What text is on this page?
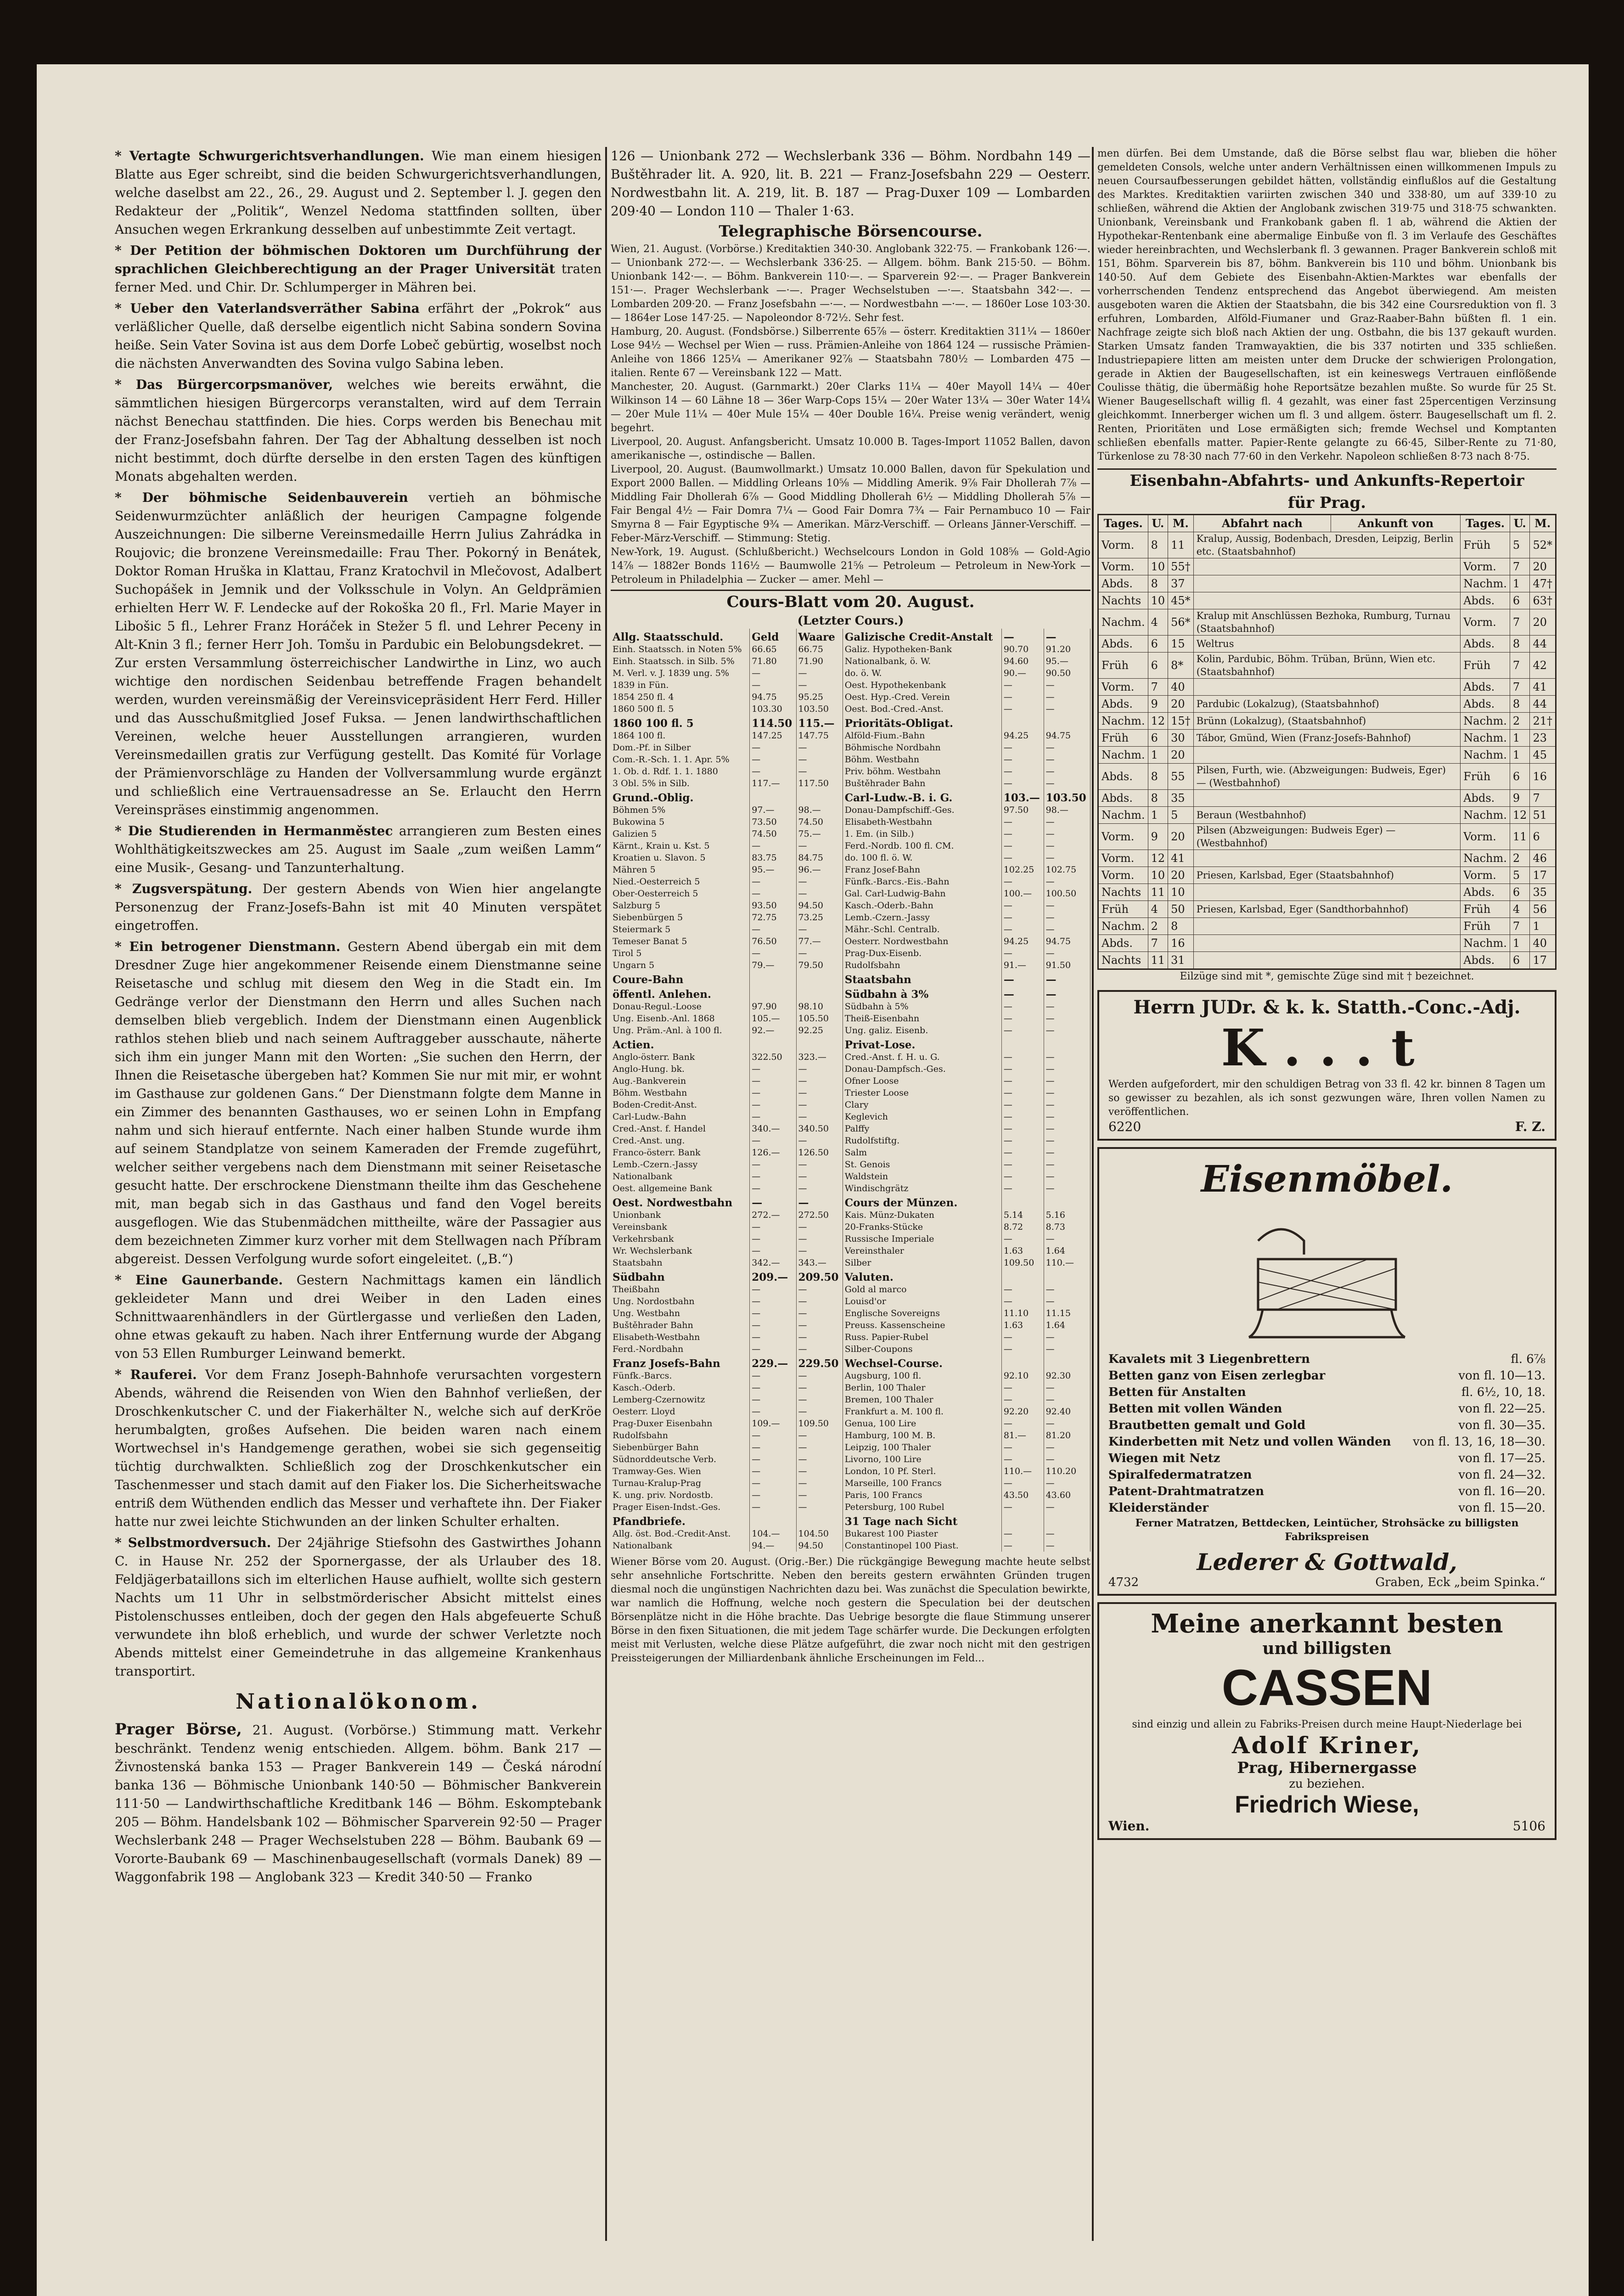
* Vertagte Schwurgerichtsverhandlungen. Wie man einem hiesigen Blatte aus Eger schreibt, sind die beiden Schwurgerichtsverhandlungen, welche daselbst am 22., 26., 29. August und 2. September l. J. gegen den Redakteur der „Politik“, Wenzel Nedoma stattfinden sollten, über Ansuchen wegen Erkrankung desselben auf unbestimmte Zeit vertagt.

* Der Petition der böhmischen Doktoren um Durchführung der sprachlichen Gleichberechtigung an der Prager Universität traten ferner Med. und Chir. Dr. Schlumperger in Mähren bei.

* Ueber den Vaterlandsverräther Sabina erfährt der „Pokrok“ aus verläßlicher Quelle, daß derselbe eigentlich nicht Sabina sondern Sovina heiße. Sein Vater Sovina ist aus dem Dorfe Lobeč gebürtig, woselbst noch die nächsten Anverwandten des Sovina vulgo Sabina leben.

* Das Bürgercorpsmanöver, welches wie bereits erwähnt, die sämmtlichen hiesigen Bürgercorps veranstalten, wird auf dem Terrain nächst Benechau stattfinden. Die hies. Corps werden bis Benechau mit der Franz-Josefsbahn fahren. Der Tag der Abhaltung desselben ist noch nicht bestimmt, doch dürfte derselbe in den ersten Tagen des künftigen Monats abgehalten werden.

* Der böhmische Seidenbauverein vertieh an böhmische Seidenwurmzüchter anläßlich der heurigen Campagne folgende Auszeichnungen: Die silberne Vereinsmedaille Herrn Julius Zahrádka in Roujovic; die bronzene Vereinsmedaille: Frau Ther. Pokorný in Benátek, Doktor Roman Hruška in Klattau, Franz Kratochvil in Mlečovost, Adalbert Suchopášek in Jemnik und der Volksschule in Volyn. An Geldprämien erhielten Herr W. F. Lendecke auf der Rokoška 20 fl., Frl. Marie Mayer in Libošic 5 fl., Lehrer Franz Horáček in Stežer 5 fl. und Lehrer Peceny in Alt-Knin 3 fl.; ferner Herr Joh. Tomšu in Pardubic ein Belobungsdekret. — Zur ersten Versammlung österreichischer Landwirthe in Linz, wo auch wichtige den nordischen Seidenbau betreffende Fragen behandelt werden, wurden vereinsmäßig der Vereinsvicepräsident Herr Ferd. Hiller und das Ausschußmitglied Josef Fuksa. — Jenen landwirthschaftlichen Vereinen, welche heuer Ausstellungen arrangieren, wurden Vereinsmedaillen gratis zur Verfügung gestellt. Das Komité für Vorlage der Prämienvorschläge zu Handen der Vollversammlung wurde ergänzt und schließlich eine Vertrauensadresse an Se. Erlaucht den Herrn Vereinspräses einstimmig angenommen.

* Die Studierenden in Hermanměstec arrangieren zum Besten eines Wohlthätigkeitszweckes am 25. August im Saale „zum weißen Lamm“ eine Musik-, Gesang- und Tanzunterhaltung.

* Zugsverspätung. Der gestern Abends von Wien hier angelangte Personenzug der Franz-Josefs-Bahn ist mit 40 Minuten verspätet eingetroffen.

* Ein betrogener Dienstmann. Gestern Abend übergab ein mit dem Dresdner Zuge hier angekommener Reisende einem Dienstmanne seine Reisetasche und schlug mit diesem den Weg in die Stadt ein. Im Gedränge verlor der Dienstmann den Herrn und alles Suchen nach demselben blieb vergeblich. Indem der Dienstmann einen Augenblick rathlos stehen blieb und nach seinem Auftraggeber ausschaute, näherte sich ihm ein junger Mann mit den Worten: „Sie suchen den Herrn, der Ihnen die Reisetasche übergeben hat? Kommen Sie nur mit mir, er wohnt im Gasthause zur goldenen Gans.“ Der Dienstmann folgte dem Manne in ein Zimmer des benannten Gasthauses, wo er seinen Lohn in Empfang nahm und sich hierauf entfernte. Nach einer halben Stunde wurde ihm auf seinem Standplatze von seinem Kameraden der Fremde zugeführt, welcher seither vergebens nach dem Dienstmann mit seiner Reisetasche gesucht hatte. Der erschrockene Dienstmann theilte ihm das Geschehene mit, man begab sich in das Gasthaus und fand den Vogel bereits ausgeflogen. Wie das Stubenmädchen mittheilte, wäre der Passagier aus dem bezeichneten Zimmer kurz vorher mit dem Stellwagen nach Příbram abgereist. Dessen Verfolgung wurde sofort eingeleitet. („B.“)

* Eine Gaunerbande. Gestern Nachmittags kamen ein ländlich gekleideter Mann und drei Weiber in den Laden eines Schnittwaarenhändlers in der Gürtlergasse und verließen den Laden, ohne etwas gekauft zu haben. Nach ihrer Entfernung wurde der Abgang von 53 Ellen Rumburger Leinwand bemerkt.

* Rauferei. Vor dem Franz Joseph-Bahnhofe verursachten vorgestern Abends, während die Reisenden von Wien den Bahnhof verließen, der Droschkenkutscher C. und der Fiakerhälter N., welche sich auf derKröe herumbalgten, großes Aufsehen. Die beiden waren nach einem Wortwechsel in's Handgemenge gerathen, wobei sie sich gegenseitig tüchtig durchwalkten. Schließlich zog der Droschkenkutscher ein Taschenmesser und stach damit auf den Fiaker los. Die Sicherheitswache entriß dem Wüthenden endlich das Messer und verhaftete ihn. Der Fiaker hatte nur zwei leichte Stichwunden an der linken Schulter erhalten.

* Selbstmordversuch. Der 24jährige Stiefsohn des Gastwirthes Johann C. in Hause Nr. 252 der Spornergasse, der als Urlauber des 18. Feldjägerbataillons sich im elterlichen Hause aufhielt, wollte sich gestern Nachts um 11 Uhr in selbstmörderischer Absicht mittelst eines Pistolenschusses entleiben, doch der gegen den Hals abgefeuerte Schuß verwundete ihn bloß erheblich, und wurde der schwer Verletzte noch Abends mittelst einer Gemeindetruhe in das allgemeine Krankenhaus transportirt.

Nationalökonom.

Prager Börse, 21. August. (Vorbörse.) Stimmung matt. Verkehr beschränkt. Tendenz wenig entschieden. Allgem. böhm. Bank 217 — Živnostenská banka 153 — Prager Bankverein 149 — Česká národní banka 136 — Böhmische Unionbank 140·50 — Böhmischer Bankverein 111·50 — Landwirthschaftliche Kreditbank 146 — Böhm. Eskomptebank 205 — Böhm. Handelsbank 102 — Böhmischer Sparverein 92·50 — Prager Wechslerbank 248 — Prager Wechselstuben 228 — Böhm. Baubank 69 — Vororte-Baubank 69 — Maschinenbaugesellschaft (vormals Danek) 89 — Waggonfabrik 198 — Anglobank 323 — Kredit 340·50 — Franko

126 — Unionbank 272 — Wechslerbank 336 — Böhm. Nordbahn 149 — Buštěhrader lit. A. 920, lit. B. 221 — Franz-Josefsbahn 229 — Oesterr. Nordwestbahn lit. A. 219, lit. B. 187 — Prag-Duxer 109 — Lombarden 209·40 — London 110 — Thaler 1·63.

Telegraphische Börsencourse.

Wien, 21. August. (Vorbörse.) Kreditaktien 340·30. Anglobank 322·75. — Frankobank 126·—. — Unionbank 272·—. — Wechslerbank 336·25. — Allgem. böhm. Bank 215·50. — Böhm. Unionbank 142·—. — Böhm. Bankverein 110·—. — Sparverein 92·—. — Prager Bankverein 151·—. Prager Wechslerbank —·—. Prager Wechselstuben —·—. Staatsbahn 342·—. — Lombarden 209·20. — Franz Josefsbahn —·—. — Nordwestbahn —·—. — 1860er Lose 103·30. — 1864er Lose 147·25. — Napoleondor 8·72½. Sehr fest.

Hamburg, 20. August. (Fondsbörse.) Silberrente 65⅞ — österr. Kreditaktien 311¼ — 1860er Lose 94½ — Wechsel per Wien — russ. Prämien-Anleihe von 1864 124 — russische Prämien-Anleihe von 1866 125¼ — Amerikaner 92⅞ — Staatsbahn 780½ — Lombarden 475 — italien. Rente 67 — Vereinsbank 122 — Matt.

Manchester, 20. August. (Garnmarkt.) 20er Clarks 11¼ — 40er Mayoll 14¼ — 40er Wilkinson 14 — 60 Lähne 18 — 36er Warp-Cops 15¼ — 20er Water 13¼ — 30er Water 14¼ — 20er Mule 11¼ — 40er Mule 15¼ — 40er Double 16¼. Preise wenig verändert, wenig begehrt.

Liverpool, 20. August. Anfangsbericht. Umsatz 10.000 B. Tages-Import 11052 Ballen, davon amerikanische —, ostindische — Ballen.

Liverpool, 20. August. (Baumwollmarkt.) Umsatz 10.000 Ballen, davon für Spekulation und Export 2000 Ballen. — Middling Orleans 10⅝ — Middling Amerik. 9⅞ Fair Dhollerah 7⅞ — Middling Fair Dhollerah 6⅞ — Good Middling Dhollerah 6½ — Middling Dhollerah 5⅞ — Fair Bengal 4½ — Fair Domra 7¼ — Good Fair Domra 7¾ — Fair Pernambuco 10 — Fair Smyrna 8 — Fair Egyptische 9¾ — Amerikan. März-Verschiff. — Orleans Jänner-Verschiff. — Feber-März-Verschiff. — Stimmung: Stetig.

New-York, 19. August. (Schlußbericht.) Wechselcours London in Gold 108⅝ — Gold-Agio 14⅞ — 1882er Bonds 116½ — Baumwolle 21⅝ — Petroleum — Petroleum in New-York — Petroleum in Philadelphia — Zucker — amer. Mehl —

Cours-Blatt vom 20. August.
(Letzter Cours.)
Allg. Staatsschuld.	Geld	Waare	Galizische Credit-Anstalt	—	—
Einh. Staatssch. in Noten 5%	66.65	66.75	Galiz. Hypotheken-Bank	90.70	91.20
Einh. Staatssch. in Silb. 5%	71.80	71.90	Nationalbank, ö. W.	94.60	95.—
M. Verl. v. J. 1839 ung. 5%	—	—	do. ö. W.	90.—	90.50
1839 in Fün.	—	—	Oest. Hypothekenbank	—	—
1854 250 fl. 4	94.75	95.25	Oest. Hyp.-Cred. Verein	—	—
1860 500 fl. 5	103.30	103.50	Oest. Bod.-Cred.-Anst.	—	—
1860 100 fl. 5	114.50	115.—	Prioritäts-Obligat.		
1864 100 fl.	147.25	147.75	Alföld-Fium.-Bahn	94.25	94.75
Dom.-Pf. in Silber	—	—	Böhmische Nordbahn	—	—
Com.-R.-Sch. 1. 1. Apr. 5%	—	—	Böhm. Westbahn	—	—
1. Ob. d. Rdf. 1. 1. 1880	—	—	Priv. böhm. Westbahn	—	—
3 Obl. 5% in Silb.	117.—	117.50	Buštěhrader Bahn	—	—
Grund.-Oblig.			Carl-Ludw.-B. i. G.	103.—	103.50
Böhmen 5%	97.—	98.—	Donau-Dampfschiff.-Ges.	97.50	98.—
Bukowina 5	73.50	74.50	Elisabeth-Westbahn	—	—
Galizien 5	74.50	75.—	1. Em. (in Silb.)	—	—
Kärnt., Krain u. Kst. 5	—	—	Ferd.-Nordb. 100 fl. CM.	—	—
Kroatien u. Slavon. 5	83.75	84.75	do. 100 fl. ö. W.	—	—
Mähren 5	95.—	96.—	Franz Josef-Bahn	102.25	102.75
Nied.-Oesterreich 5	—	—	Fünfk.-Barcs.-Eis.-Bahn	—	—
Ober-Oesterreich 5	—	—	Gal. Carl-Ludwig-Bahn	100.—	100.50
Salzburg 5	93.50	94.50	Kasch.-Oderb.-Bahn	—	—
Siebenbürgen 5	72.75	73.25	Lemb.-Czern.-Jassy	—	—
Steiermark 5	—	—	Mähr.-Schl. Centralb.	—	—
Temeser Banat 5	76.50	77.—	Oesterr. Nordwestbahn	94.25	94.75
Tirol 5	—	—	Prag-Dux-Eisenb.	—	—
Ungarn 5	79.—	79.50	Rudolfsbahn	91.—	91.50
Coure-Bahn			Staatsbahn	—	—
öffentl. Anlehen.			Südbahn à 3%	—	—
Donau-Regul.-Loose	97.90	98.10	Südbahn à 5%	—	—
Ung. Eisenb.-Anl. 1868	105.—	105.50	Theiß-Eisenbahn	—	—
Ung. Präm.-Anl. à 100 fl.	92.—	92.25	Ung. galiz. Eisenb.	—	—
Actien.			Privat-Lose.		
Anglo-österr. Bank	322.50	323.—	Cred.-Anst. f. H. u. G.	—	—
Anglo-Hung. bk.	—	—	Donau-Dampfsch.-Ges.	—	—
Aug.-Bankverein	—	—	Ofner Loose	—	—
Böhm. Westbahn	—	—	Triester Loose	—	—
Boden-Credit-Anst.	—	—	Clary	—	—
Carl-Ludw.-Bahn	—	—	Keglevich	—	—
Cred.-Anst. f. Handel	340.—	340.50	Palffy	—	—
Cred.-Anst. ung.	—	—	Rudolfstiftg.	—	—
Franco-österr. Bank	126.—	126.50	Salm	—	—
Lemb.-Czern.-Jassy	—	—	St. Genois	—	—
Nationalbank	—	—	Waldstein	—	—
Oest. allgemeine Bank	—	—	Windischgrätz	—	—
Oest. Nordwestbahn	—	—	Cours der Münzen.		
Unionbank	272.—	272.50	Kais. Münz-Dukaten	5.14	5.16
Vereinsbank	—	—	20-Franks-Stücke	8.72	8.73
Verkehrsbank	—	—	Russische Imperiale	—	—
Wr. Wechslerbank	—	—	Vereinsthaler	1.63	1.64
Staatsbahn	342.—	343.—	Silber	109.50	110.—
Südbahn	209.—	209.50	Valuten.		
Theißbahn	—	—	Gold al marco	—	—
Ung. Nordostbahn	—	—	Louisd'or	—	—
Ung. Westbahn	—	—	Englische Sovereigns	11.10	11.15
Buštěhrader Bahn	—	—	Preuss. Kassenscheine	1.63	1.64
Elisabeth-Westbahn	—	—	Russ. Papier-Rubel	—	—
Ferd.-Nordbahn	—	—	Silber-Coupons	—	—
Franz Josefs-Bahn	229.—	229.50	Wechsel-Course.		
Fünfk.-Barcs.	—	—	Augsburg, 100 fl.	92.10	92.30
Kasch.-Oderb.	—	—	Berlin, 100 Thaler	—	—
Lemberg-Czernowitz	—	—	Bremen, 100 Thaler	—	—
Oesterr. Lloyd	—	—	Frankfurt a. M. 100 fl.	92.20	92.40
Prag-Duxer Eisenbahn	109.—	109.50	Genua, 100 Lire	—	—
Rudolfsbahn	—	—	Hamburg, 100 M. B.	81.—	81.20
Siebenbürger Bahn	—	—	Leipzig, 100 Thaler	—	—
Südnorddeutsche Verb.	—	—	Livorno, 100 Lire	—	—
Tramway-Ges. Wien	—	—	London, 10 Pf. Sterl.	110.—	110.20
Turnau-Kralup-Prag	—	—	Marseille, 100 Francs	—	—
K. ung. priv. Nordostb.	—	—	Paris, 100 Francs	43.50	43.60
Prager Eisen-Indst.-Ges.	—	—	Petersburg, 100 Rubel	—	—
Pfandbriefe.			31 Tage nach Sicht		
Allg. öst. Bod.-Credit-Anst.	104.—	104.50	Bukarest 100 Piaster	—	—
Nationalbank	94.—	94.50	Constantinopel 100 Piast.	—	—

Wiener Börse vom 20. August. (Orig.-Ber.) Die rückgängige Bewegung machte heute selbst sehr ansehnliche Fortschritte. Neben den bereits gestern erwähnten Gründen trugen diesmal noch die ungünstigen Nachrichten dazu bei. Was zunächst die Speculation bewirkte, war namlich die Hoffnung, welche noch gestern die Speculation bei der deutschen Börsenplätze nicht in die Höhe brachte. Das Uebrige besorgte die flaue Stimmung unserer Börse in den fixen Situationen, die mit jedem Tage schärfer wurde. Die Deckungen erfolgten meist mit Verlusten, welche diese Plätze aufgeführt, die zwar noch nicht mit den gestrigen Preissteigerungen der Milliardenbank ähnliche Erscheinungen im Feld...

men dürfen. Bei dem Umstande, daß die Börse selbst flau war, blieben die höher gemeldeten Consols, welche unter andern Verhältnissen einen willkommenen Impuls zu neuen Coursaufbesserungen gebildet hätten, vollständig einflußlos auf die Gestaltung des Marktes. Kreditaktien variirten zwischen 340 und 338·80, um auf 339·10 zu schließen, während die Aktien der Anglobank zwischen 319·75 und 318·75 schwankten. Unionbank, Vereinsbank und Frankobank gaben fl. 1 ab, während die Aktien der Hypothekar-Rentenbank eine abermalige Einbuße von fl. 3 im Verlaufe des Geschäftes wieder hereinbrachten, und Wechslerbank fl. 3 gewannen. Prager Bankverein schloß mit 151, Böhm. Sparverein bis 87, böhm. Bankverein bis 110 und böhm. Unionbank bis 140·50. Auf dem Gebiete des Eisenbahn-Aktien-Marktes war ebenfalls der vorherrschenden Tendenz entsprechend das Angebot überwiegend. Am meisten ausgeboten waren die Aktien der Staatsbahn, die bis 342 eine Coursreduktion von fl. 3 erfuhren, Lombarden, Alföld-Fiumaner und Graz-Raaber-Bahn büßten fl. 1 ein. Nachfrage zeigte sich bloß nach Aktien der ung. Ostbahn, die bis 137 gekauft wurden. Starken Umsatz fanden Tramwayaktien, die bis 337 notirten und 335 schließen. Industriepapiere litten am meisten unter dem Drucke der schwierigen Prolongation, gerade in Aktien der Baugesellschaften, ist ein keineswegs Vertrauen einflößende Coulisse thätig, die übermäßig hohe Reportsätze bezahlen mußte. So wurde für 25 St. Wiener Baugesellschaft willig fl. 4 gezahlt, was einer fast 25percentigen Verzinsung gleichkommt. Innerberger wichen um fl. 3 und allgem. österr. Baugesellschaft um fl. 2. Renten, Prioritäten und Lose ermäßigten sich; fremde Wechsel und Komptanten schließen ebenfalls matter. Papier-Rente gelangte zu 66·45, Silber-Rente zu 71·80, Türkenlose zu 78·30 nach 77·60 in den Verkehr. Napoleon schließen 8·73 nach 8·75.

Eisenbahn-Abfahrts- und Ankunfts-Repertoir
für Prag.
Tages.	U.	M.	Abfahrt nach	Ankunft von	Tages.	U.	M.
Vorm.	8	11	Kralup, Aussig, Bodenbach, Dresden, Leipzig, Berlin etc. (Staatsbahnhof)		Früh	5	52*
Vorm.	10	55†			Vorm.	7	20
Abds.	8	37			Nachm.	1	47†
Nachts	10	45*			Abds.	6	63†
Nachm.	4	56*	Kralup mit Anschlüssen Bezhoka, Rumburg, Turnau (Staatsbahnhof)		Vorm.	7	20
Abds.	6	15	Weltrus		Abds.	8	44
Früh	6	8*	Kolin, Pardubic, Böhm. Trüban, Brünn, Wien etc. (Staatsbahnhof)		Früh	7	42
Vorm.	7	40			Abds.	7	41
Abds.	9	20	Pardubic (Lokalzug), (Staatsbahnhof)		Abds.	8	44
Nachm.	12	15†	Brünn (Lokalzug), (Staatsbahnhof)		Nachm.	2	21†
Früh	6	30	Tábor, Gmünd, Wien (Franz-Josefs-Bahnhof)		Nachm.	1	23
Nachm.	1	20			Nachm.	1	45
Abds.	8	55	Pilsen, Furth, wie. (Abzweigungen: Budweis, Eger) — (Westbahnhof)		Früh	6	16
Abds.	8	35			Abds.	9	7
Nachm.	1	5	Beraun (Westbahnhof)		Nachm.	12	51
Vorm.	9	20	Pilsen (Abzweigungen: Budweis Eger) — (Westbahnhof)		Vorm.	11	6
Vorm.	12	41			Nachm.	2	46
Vorm.	10	20	Priesen, Karlsbad, Eger (Staatsbahnhof)		Vorm.	5	17
Nachts	11	10			Abds.	6	35
Früh	4	50	Priesen, Karlsbad, Eger (Sandthorbahnhof)		Früh	4	56
Nachm.	2	8			Früh	7	1
Abds.	7	16			Nachm.	1	40
Nachts	11	31			Abds.	6	17

Eilzüge sind mit *, gemischte Züge sind mit † bezeichnet.

Herrn JUDr. & k. k. Statth.-Conc.-Adj.
K...t

Werden aufgefordert, mir den schuldigen Betrag von 33 fl. 42 kr. binnen 8 Tagen um so gewisser zu bezahlen, als ich sonst gezwungen wäre, Ihren vollen Namen zu veröffentlichen.

6220	F. Z.
Eisenmöbel.
Kavalets mit 3 Liegenbrettern	fl. 6⅞
Betten ganz von Eisen zerlegbar	von fl. 10—13.
Betten für Anstalten	fl. 6½, 10, 18.
Betten mit vollen Wänden	von fl. 22—25.
Brautbetten gemalt und Gold	von fl. 30—35.
Kinderbetten mit Netz und vollen Wänden von fl. 13, 16, 18—30.
Wiegen mit Netz	von fl. 17—25.
Spiralfedermatratzen	von fl. 24—32.
Patent-Drahtmatratzen	von fl. 16—20.
Kleiderständer	von fl. 15—20.

Ferner Matratzen, Bettdecken, Leintücher, Strohsäcke zu billigsten Fabrikspreisen

Lederer & Gottwald,
4732	Graben, Eck „beim Spinka.“
Meine anerkannt besten
und billigsten
CASSEN

sind einzig und allein zu Fabriks-Preisen durch meine Haupt-Niederlage bei

Adolf Kriner,
Prag, Hibernergasse
zu beziehen.
Friedrich Wiese,
Wien.	5106
